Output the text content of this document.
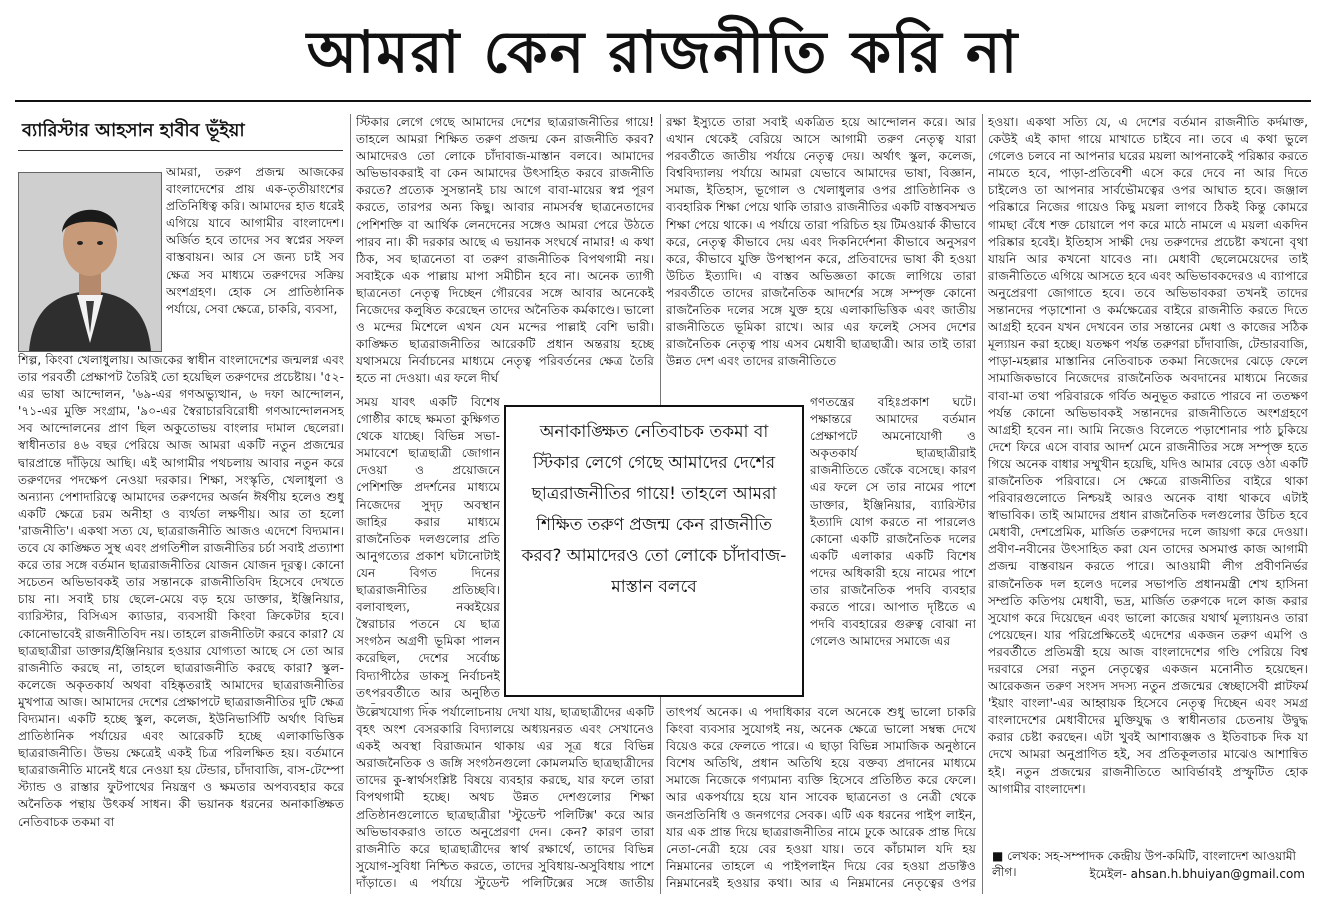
আমরা কেন রাজনীতি করি না
ব্যারিস্টার আহসান হাবীব ভূঁইয়া

আমরা, তরুণ প্রজন্ম আজকের বাংলাদেশের প্রায় এক-তৃতীয়াংশের প্রতিনিধিত্ব করি। আমাদের হাত ধরেই এগিয়ে যাবে আগামীর বাংলাদেশ। অর্জিত হবে তাদের সব স্বপ্নের সফল বাস্তবায়ন। আর সে জন্য চাই সব ক্ষেত্র সব মাধ্যমে তরুণদের সক্রিয় অংশগ্রহণ। হোক সে প্রাতিষ্ঠানিক পর্যায়ে, সেবা ক্ষেত্রে, চাকরি, ব্যবসা,

শিল্প, কিংবা খেলাধুলায়। আজকের স্বাধীন বাংলাদেশের জন্মলগ্ন এবং তার পরবর্তী প্রেক্ষাপট তৈরিই তো হয়েছিল তরুণদের প্রচেষ্টায়। '৫২-এর ভাষা আন্দোলন, '৬৯-এর গণঅভ্যুত্থান, ৬ দফা আন্দোলন, '৭১-এর মুক্তি সংগ্রাম, '৯০-এর স্বৈরাচারবিরোধী গণআন্দোলনসহ সব আন্দোলনের প্রাণ ছিল অকুতোভয় বাংলার দামাল ছেলেরা। স্বাধীনতার ৪৬ বছর পেরিয়ে আজ আমরা একটি নতুন প্রজন্মের দ্বারপ্রান্তে দাঁড়িয়ে আছি। এই আগামীর পথচলায় আবার নতুন করে তরুণদের পদক্ষেপ নেওয়া দরকার। শিক্ষা, সংস্কৃতি, খেলাধুলা ও অন্যান্য পেশাদারিত্বে আমাদের তরুণদের অর্জন ঈর্ষণীয় হলেও শুধু একটি ক্ষেত্রে চরম অনীহা ও ব্যর্থতা লক্ষণীয়। আর তা হলো 'রাজনীতি'। একথা সত্য যে, ছাত্ররাজনীতি আজও এদেশে বিদ্যমান। তবে যে কাঙ্ক্ষিত সুস্থ এবং প্রগতিশীল রাজনীতির চর্চা সবাই প্রত্যাশা করে তার সঙ্গে বর্তমান ছাত্ররাজনীতির যোজন যোজন দূরত্ব। কোনো সচেতন অভিভাবকই তার সন্তানকে রাজনীতিবিদ হিসেবে দেখতে চায় না। সবাই চায় ছেলে-মেয়ে বড় হয়ে ডাক্তার, ইঞ্জিনিয়ার, ব্যারিস্টার, বিসিএস ক্যাডার, ব্যবসায়ী কিংবা ক্রিকেটার হবে। কোনোভাবেই রাজনীতিবিদ নয়। তাহলে রাজনীতিটা করবে কারা? যে ছাত্রছাত্রীরা ডাক্তার/ইঞ্জিনিয়ার হওয়ার যোগ্যতা আছে সে তো আর রাজনীতি করছে না, তাহলে ছাত্ররাজনীতি করছে কারা? স্কুল-কলেজে অকৃতকার্য অথবা বহিষ্কৃতরাই আমাদের ছাত্ররাজনীতির মুখপাত্র আজ। আমাদের দেশের প্রেক্ষাপটে ছাত্ররাজনীতির দুটি ক্ষেত্র বিদ্যমান। একটি হচ্ছে স্কুল, কলেজ, ইউনিভার্সিটি অর্থাৎ বিভিন্ন প্রাতিষ্ঠানিক পর্যায়ের এবং আরেকটি হচ্ছে এলাকাভিত্তিক ছাত্ররাজনীতি। উভয় ক্ষেত্রেই একই চিত্র পরিলক্ষিত হয়। বর্তমানে ছাত্ররাজনীতি মানেই ধরে নেওয়া হয় টেন্ডার, চাঁদাবাজি, বাস-টেম্পো স্ট্যান্ড ও রাস্তার ফুটপাথের নিয়ন্ত্রণ ও ক্ষমতার অপব্যবহার করে অনৈতিক পন্থায় উৎকর্ষ সাধন। কী ভয়ানক ধরনের অনাকাঙ্ক্ষিত নেতিবাচক তকমা বা

স্টিকার লেগে গেছে আমাদের দেশের ছাত্ররাজনীতির গায়ে! তাহলে আমরা শিক্ষিত তরুণ প্রজন্ম কেন রাজনীতি করব? আমাদেরও তো লোকে চাঁদাবাজ-মাস্তান বলবে। আমাদের অভিভাবকরাই বা কেন আমাদের উৎসাহিত করবে রাজনীতি করতে? প্রত্যেক সুসন্তানই চায় আগে বাবা-মায়ের স্বপ্ন পূরণ করতে, তারপর অন্য কিছু। আবার নামসর্বস্ব ছাত্রনেতাদের পেশিশক্তি বা আর্থিক লেনদেনের সঙ্গেও আমরা পেরে উঠতে পারব না। কী দরকার আছে এ ভয়ানক সংঘর্ষে নামার! এ কথা ঠিক, সব ছাত্রনেতা বা তরুণ রাজনীতিক বিপথগামী নয়। সবাইকে এক পাল্লায় মাপা সমীচীন হবে না। অনেক ত্যাগী ছাত্রনেতা নেতৃত্ব দিচ্ছেন গৌরবের সঙ্গে আবার অনেকেই নিজেদের কলুষিত করেছেন তাদের অনৈতিক কর্মকাণ্ডে। ভালো ও মন্দের মিশেলে এখন যেন মন্দের পাল্লাই বেশি ভারী। কাঙ্ক্ষিত ছাত্ররাজনীতির আরেকটি প্রধান অন্তরায় হচ্ছে যথাসময়ে নির্বাচনের মাধ্যমে নেতৃত্ব পরিবর্তনের ক্ষেত্র তৈরি হতে না দেওয়া। এর ফলে দীর্ঘ

সময় যাবৎ একটি বিশেষ গোষ্ঠীর কাছে ক্ষমতা কুক্ষিগত থেকে যাচ্ছে। বিভিন্ন সভা-সমাবেশে ছাত্রছাত্রী জোগান দেওয়া ও প্রয়োজনে পেশিশক্তি প্রদর্শনের মাধ্যমে নিজেদের সুদৃঢ় অবস্থান জাহির করার মাধ্যমে রাজনৈতিক দলগুলোর প্রতি আনুগত্যের প্রকাশ ঘটানোটাই যেন বিগত দিনের ছাত্ররাজনীতির প্রতিচ্ছবি। বলাবাহুল্য, নব্বইয়ের স্বৈরাচার পতনে যে ছাত্র সংগঠন অগ্রণী ভূমিকা পালন করেছিল, দেশের সর্বোচ্চ বিদ্যাপীঠের ডাকসু নির্বাচনই তৎপরবর্তীতে আর অনুষ্ঠিত

উল্লেখযোগ্য দিক পর্যালোচনায় দেখা যায়, ছাত্রছাত্রীদের একটি বৃহৎ অংশ বেসরকারি বিদ্যালয়ে অধ্যয়নরত এবং সেখানেও একই অবস্থা বিরাজমান থাকায় এর সূত্র ধরে বিভিন্ন অরাজনৈতিক ও জঙ্গি সংগঠনগুলো কোমলমতি ছাত্রছাত্রীদের তাদের কু-স্বার্থসংশ্লিষ্ট বিষয়ে ব্যবহার করছে, যার ফলে তারা বিপথগামী হচ্ছে। অথচ উন্নত দেশগুলোর শিক্ষা প্রতিষ্ঠানগুলোতে ছাত্রছাত্রীরা 'স্টুডেন্ট পলিটিক্স' করে আর অভিভাবকরাও তাতে অনুপ্রেরণা দেন। কেন? কারণ তারা রাজনীতি করে ছাত্রছাত্রীদের স্বার্থ রক্ষার্থে, তাদের বিভিন্ন সুযোগ-সুবিধা নিশ্চিত করতে, তাদের সুবিধায়-অসুবিধায় পাশে দাঁড়াতে। এ পর্যায়ে স্টুডেন্ট পলিটিক্সের সঙ্গে জাতীয়

রক্ষা ইস্যুতে তারা সবাই একত্রিত হয়ে আন্দোলন করে। আর এখান থেকেই বেরিয়ে আসে আগামী তরুণ নেতৃত্ব যারা পরবর্তীতে জাতীয় পর্যায়ে নেতৃত্ব দেয়। অর্থাৎ স্কুল, কলেজ, বিশ্ববিদ্যালয় পর্যায়ে আমরা যেভাবে আমাদের ভাষা, বিজ্ঞান, সমাজ, ইতিহাস, ভূগোল ও খেলাধুলার ওপর প্রাতিষ্ঠানিক ও ব্যবহারিক শিক্ষা পেয়ে থাকি তারাও রাজনীতির একটি বাস্তবসম্মত শিক্ষা পেয়ে থাকে। এ পর্যায়ে তারা পরিচিত হয় টিমওয়ার্ক কীভাবে করে, নেতৃত্ব কীভাবে দেয় এবং দিকনির্দেশনা কীভাবে অনুসরণ করে, কীভাবে যুক্তি উপস্থাপন করে, প্রতিবাদের ভাষা কী হওয়া উচিত ইত্যাদি। এ বাস্তব অভিজ্ঞতা কাজে লাগিয়ে তারা পরবর্তীতে তাদের রাজনৈতিক আদর্শের সঙ্গে সম্পৃক্ত কোনো রাজনৈতিক দলের সঙ্গে যুক্ত হয়ে এলাকাভিত্তিক এবং জাতীয় রাজনীতিতে ভূমিকা রাখে। আর এর ফলেই সেসব দেশের রাজনৈতিক নেতৃত্ব পায় এসব মেধাবী ছাত্রছাত্রী। আর তাই তারা উন্নত দেশ এবং তাদের রাজনীতিতে

গণতন্ত্রের বহিঃপ্রকাশ ঘটে। পক্ষান্তরে আমাদের বর্তমান প্রেক্ষাপটে অমনোযোগী ও অকৃতকার্য ছাত্রছাত্রীরাই রাজনীতিতে জেঁকে বসেছে। কারণ এর ফলে সে তার নামের পাশে ডাক্তার, ইঞ্জিনিয়ার, ব্যারিস্টার ইত্যাদি যোগ করতে না পারলেও কোনো একটি রাজনৈতিক দলের একটি এলাকার একটি বিশেষ পদের অধিকারী হয়ে নামের পাশে তার রাজনৈতিক পদবি ব্যবহার করতে পারে। আপাত দৃষ্টিতে এ পদবি ব্যবহারের গুরুত্ব বোঝা না গেলেও আমাদের সমাজে এর

তাৎপর্য অনেক। এ পদাধিকার বলে অনেকে শুধু ভালো চাকরি কিংবা ব্যবসার সুযোগই নয়, অনেক ক্ষেত্রে ভালো সম্বন্ধ দেখে বিয়েও করে ফেলতে পারে। এ ছাড়া বিভিন্ন সামাজিক অনুষ্ঠানে বিশেষ অতিথি, প্রধান অতিথি হয়ে বক্তব্য প্রদানের মাধ্যমে সমাজে নিজেকে গণ্যমান্য ব্যক্তি হিসেবে প্রতিষ্ঠিত করে ফেলে। আর একপর্যায়ে হয়ে যান সাবেক ছাত্রনেতা ও নেত্রী থেকে জনপ্রতিনিধি ও জনগণের সেবক। এটি এক ধরনের পাইপ লাইন, যার এক প্রান্ত দিয়ে ছাত্ররাজনীতির নামে ঢুকে আরেক প্রান্ত দিয়ে নেতা-নেত্রী হয়ে বের হওয়া যায়। তবে কাঁচামাল যদি হয় নিম্নমানের তাহলে এ পাইপলাইন দিয়ে বের হওয়া প্রডাক্টও নিম্নমানেরই হওয়ার কথা। আর এ নিম্নমানের নেতৃত্বের ওপর

হওয়া। একথা সত্যি যে, এ দেশের বর্তমান রাজনীতি কর্দমাক্ত, কেউই এই কাদা গায়ে মাখাতে চাইবে না। তবে এ কথা ভুলে গেলেও চলবে না আপনার ঘরের ময়লা আপনাকেই পরিষ্কার করতে নামতে হবে, পাড়া-প্রতিবেশী এসে করে দেবে না আর দিতে চাইলেও তা আপনার সার্বভৌমত্বের ওপর আঘাত হবে। জঞ্জাল পরিষ্কারে নিজের গায়েও কিছু ময়লা লাগবে ঠিকই কিন্তু কোমরে গামছা বেঁধে শক্ত চোয়ালে পণ করে মাঠে নামলে এ ময়লা একদিন পরিষ্কার হবেই। ইতিহাস সাক্ষী দেয় তরুণদের প্রচেষ্টা কখনো বৃথা যায়নি আর কখনো যাবেও না। মেধাবী ছেলেমেয়েদের তাই রাজনীতিতে এগিয়ে আসতে হবে এবং অভিভাবকদেরও এ ব্যাপারে অনুপ্রেরণা জোগাতে হবে। তবে অভিভাবকরা তখনই তাদের সন্তানদের পড়াশোনা ও কর্মক্ষেত্রের বাইরে রাজনীতি করতে দিতে আগ্রহী হবেন যখন দেখবেন তার সন্তানের মেধা ও কাজের সঠিক মূল্যায়ন করা হচ্ছে। যতক্ষণ পর্যন্ত তরুণরা চাঁদাবাজি, টেন্ডারবাজি, পাড়া-মহল্লার মাস্তানির নেতিবাচক তকমা নিজেদের ঝেড়ে ফেলে সামাজিকভাবে নিজেদের রাজনৈতিক অবদানের মাধ্যমে নিজের বাবা-মা তথা পরিবারকে গর্বিত অনুভূত করাতে পারবে না ততক্ষণ পর্যন্ত কোনো অভিভাবকই সন্তানদের রাজনীতিতে অংশগ্রহণে আগ্রহী হবেন না। আমি নিজেও বিলেতে পড়াশোনার পাঠ চুকিয়ে দেশে ফিরে এসে বাবার আদর্শ মেনে রাজনীতির সঙ্গে সম্পৃক্ত হতে গিয়ে অনেক বাধার সম্মুখীন হয়েছি, যদিও আমার বেড়ে ওঠা একটি রাজনৈতিক পরিবারে। সে ক্ষেত্রে রাজনীতির বাইরে থাকা পরিবারগুলোতে নিশ্চয়ই আরও অনেক বাধা থাকবে এটাই স্বাভাবিক। তাই আমাদের প্রধান রাজনৈতিক দলগুলোর উচিত হবে মেধাবী, দেশপ্রেমিক, মার্জিত তরুণদের দলে জায়গা করে দেওয়া। প্রবীণ-নবীনের উৎসাহিত করা যেন তাদের অসমাপ্ত কাজ আগামী প্রজন্ম বাস্তবায়ন করতে পারে। আওয়ামী লীগ প্রবীণনির্ভর রাজনৈতিক দল হলেও দলের সভাপতি প্রধানমন্ত্রী শেখ হাসিনা সম্প্রতি কতিপয় মেধাবী, ভদ্র, মার্জিত তরুণকে দলে কাজ করার সুযোগ করে দিয়েছেন এবং ভালো কাজের যথার্থ মূল্যায়নও তারা পেয়েছেন। যার পরিপ্রেক্ষিতেই এদেশের একজন তরুণ এমপি ও পরবর্তীতে প্রতিমন্ত্রী হয়ে আজ বাংলাদেশের গণ্ডি পেরিয়ে বিশ্ব দরবারে সেরা নতুন নেতৃত্বের একজন মনোনীত হয়েছেন। আরেকজন তরুণ সংসদ সদস্য নতুন প্রজন্মের স্বেচ্ছাসেবী প্লাটফর্ম 'ইয়াং বাংলা'-এর আহ্বায়ক হিসেবে নেতৃত্ব দিচ্ছেন এবং সমগ্র বাংলাদেশের মেধাবীদের মুক্তিযুদ্ধ ও স্বাধীনতার চেতনায় উদ্বুদ্ধ করার চেষ্টা করছেন। এটা খুবই আশাব্যঞ্জক ও ইতিবাচক দিক যা দেখে আমরা অনুপ্রাণিত হই, সব প্রতিকূলতার মাঝেও আশান্বিত হই। নতুন প্রজন্মের রাজনীতিতে আবির্ভাবই প্রস্ফুটিত হোক আগামীর বাংলাদেশ।

অনাকাঙ্ক্ষিত নেতিবাচক তকমা বা স্টিকার লেগে গেছে আমাদের দেশের ছাত্ররাজনীতির গায়ে! তাহলে আমরা শিক্ষিত তরুণ প্রজন্ম কেন রাজনীতি করব? আমাদেরও তো লোকে চাঁদাবাজ-মাস্তান বলবে
■ লেখক: সহ-সম্পাদক কেন্দ্রীয় উপ-কমিটি, বাংলাদেশ আওয়ামী লীগ।	ইমেইল- ahsan.h.bhuiyan@gmail.com
